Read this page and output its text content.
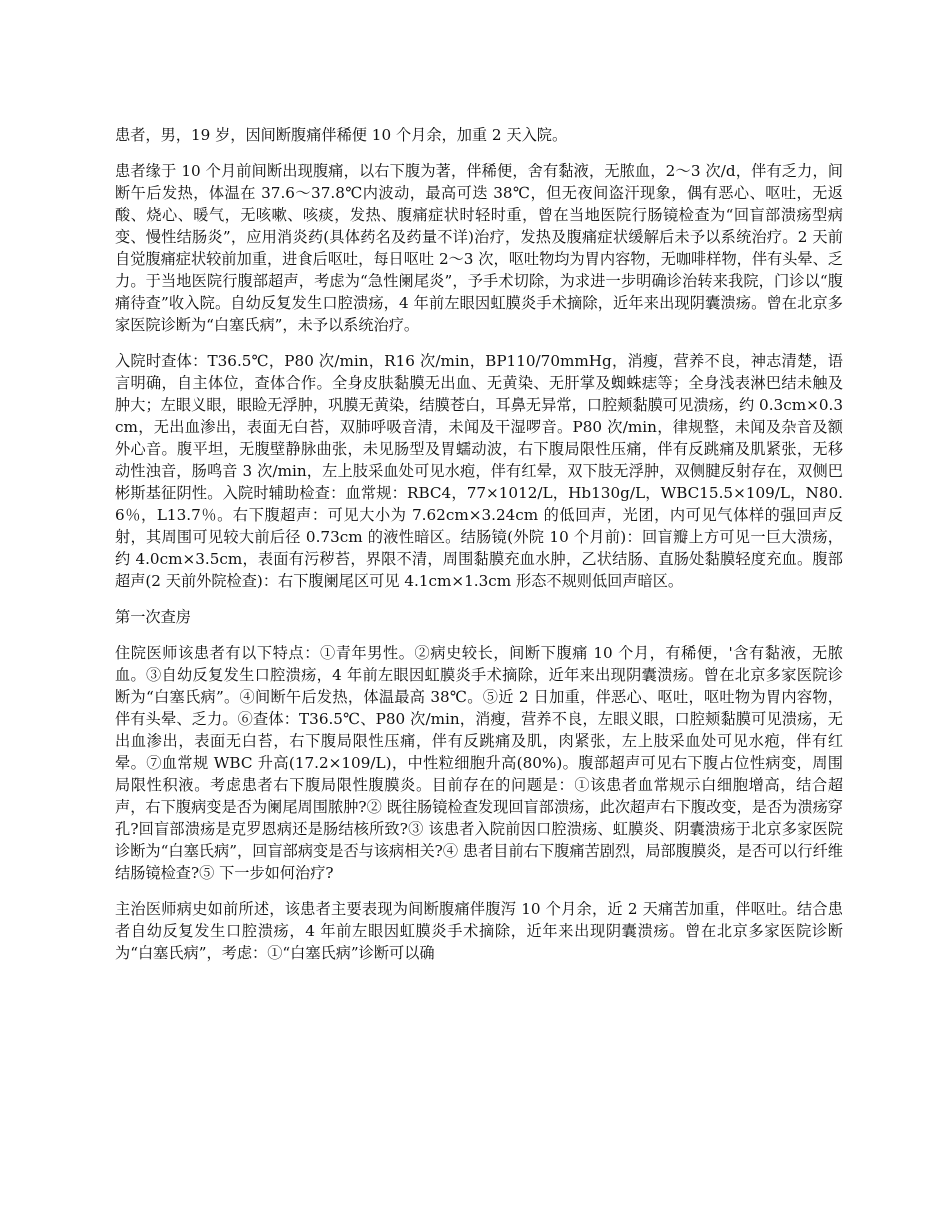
患者，男，19 岁，因间断腹痛伴稀便 10 个月余，加重 2 天入院。

患者缘于 10 个月前间断出现腹痛，以右下腹为著，伴稀便，舍有黏液，无脓血，2～3 次/d，伴有乏力，间断午后发热，体温在 37.6～37.8℃内波动，最高可迭 38℃，但无夜间盗汗现象，偶有恶心、呕吐，无返酸、烧心、暖气，无咳嗽、咳痰，发热、腹痛症状时轻时重，曾在当地医院行肠镜检查为“回盲部溃疡型病变、慢性结肠炎”，应用消炎药(具体药名及药量不详)治疗，发热及腹痛症状缓解后未予以系统治疗。2 天前自觉腹痛症状较前加重，进食后呕吐，每日呕吐 2～3 次，呕吐物均为胃内容物，无咖啡样物，伴有头晕、乏力。于当地医院行腹部超声，考虑为“急性阑尾炎”，予手术切除，为求进一步明确诊治转来我院，门诊以“腹痛待查”收入院。自幼反复发生口腔溃疡，4 年前左眼因虹膜炎手术摘除，近年来出现阴囊溃疡。曾在北京多家医院诊断为“白塞氏病”，未予以系统治疗。

入院时查体：T36.5℃，P80 次/min，R16 次/min，BP110/70mmHg，消瘦，营养不良，神志清楚，语言明确，自主体位，查体合作。全身皮肤黏膜无出血、无黄染、无肝掌及蜘蛛痣等；全身浅表淋巴结未触及肿大；左眼义眼，眼睑无浮肿，巩膜无黄染，结膜苍白，耳鼻无异常，口腔颊黏膜可见溃疡，约 0.3cm×0.3cm，无出血渗出，表面无白苔，双肺呼吸音清，未闻及干湿啰音。P80 次/min，律规整，未闻及杂音及额外心音。腹平坦，无腹壁静脉曲张，未见肠型及胃蠕动波，右下腹局限性压痛，伴有反跳痛及肌紧张，无移动性浊音，肠鸣音 3 次/min，左上肢采血处可见水疱，伴有红晕，双下肢无浮肿，双侧腱反射存在，双侧巴彬斯基征阴性。入院时辅助检查：血常规：RBC4，77×1012/L，Hb130g/L，WBC15.5×109/L，N80.6％，L13.7％。右下腹超声：可见大小为 7.62cm×3.24cm 的低回声，光团，内可见气体样的强回声反射，其周围可见较大前后径 0.73cm 的液性暗区。结肠镜(外院 10 个月前)：回盲瓣上方可见一巨大溃疡，约 4.0cm×3.5cm，表面有污秽苔，界限不清，周围黏膜充血水肿，乙状结肠、直肠处黏膜轻度充血。腹部超声(2 天前外院检查)：右下腹阑尾区可见 4.1cm×1.3cm 形态不规则低回声暗区。

第一次查房

住院医师该患者有以下特点：①青年男性。②病史较长，间断下腹痛 10 个月，有稀便，'含有黏液，无脓血。③自幼反复发生口腔溃疡，4 年前左眼因虹膜炎手术摘除，近年来出现阴囊溃疡。曾在北京多家医院诊断为“白塞氏病”。④间断午后发热，体温最高 38℃。⑤近 2 日加重，伴恶心、呕吐，呕吐物为胃内容物，伴有头晕、乏力。⑥查体：T36.5℃、P80 次/min，消瘦，营养不良，左眼义眼，口腔颊黏膜可见溃疡，无出血渗出，表面无白苔，右下腹局限性压痛，伴有反跳痛及肌，肉紧张，左上肢采血处可见水疱，伴有红晕。⑦血常规 WBC 升高(17.2×109/L)，中性粒细胞升高(80%)。腹部超声可见右下腹占位性病变，周围局限性积液。考虑患者右下腹局限性腹膜炎。目前存在的问题是：①该患者血常规示白细胞增高，结合超声，右下腹病变是否为阑尾周围脓肿?② 既往肠镜检查发现回盲部溃疡，此次超声右下腹改变，是否为溃疡穿孔?回盲部溃疡是克罗恩病还是肠结核所致?③ 该患者入院前因口腔溃疡、虹膜炎、阴囊溃疡于北京多家医院诊断为“白塞氏病”，回盲部病变是否与该病相关?④ 患者目前右下腹痛苦剧烈，局部腹膜炎，是否可以行纤维结肠镜检查?⑤ 下一步如何治疗?

主治医师病史如前所述，该患者主要表现为间断腹痛伴腹泻 10 个月余，近 2 天痛苦加重，伴呕吐。结合患者自幼反复发生口腔溃疡，4 年前左眼因虹膜炎手术摘除，近年来出现阴囊溃疡。曾在北京多家医院诊断为“白塞氏病”，考虑：①“白塞氏病”诊断可以确
